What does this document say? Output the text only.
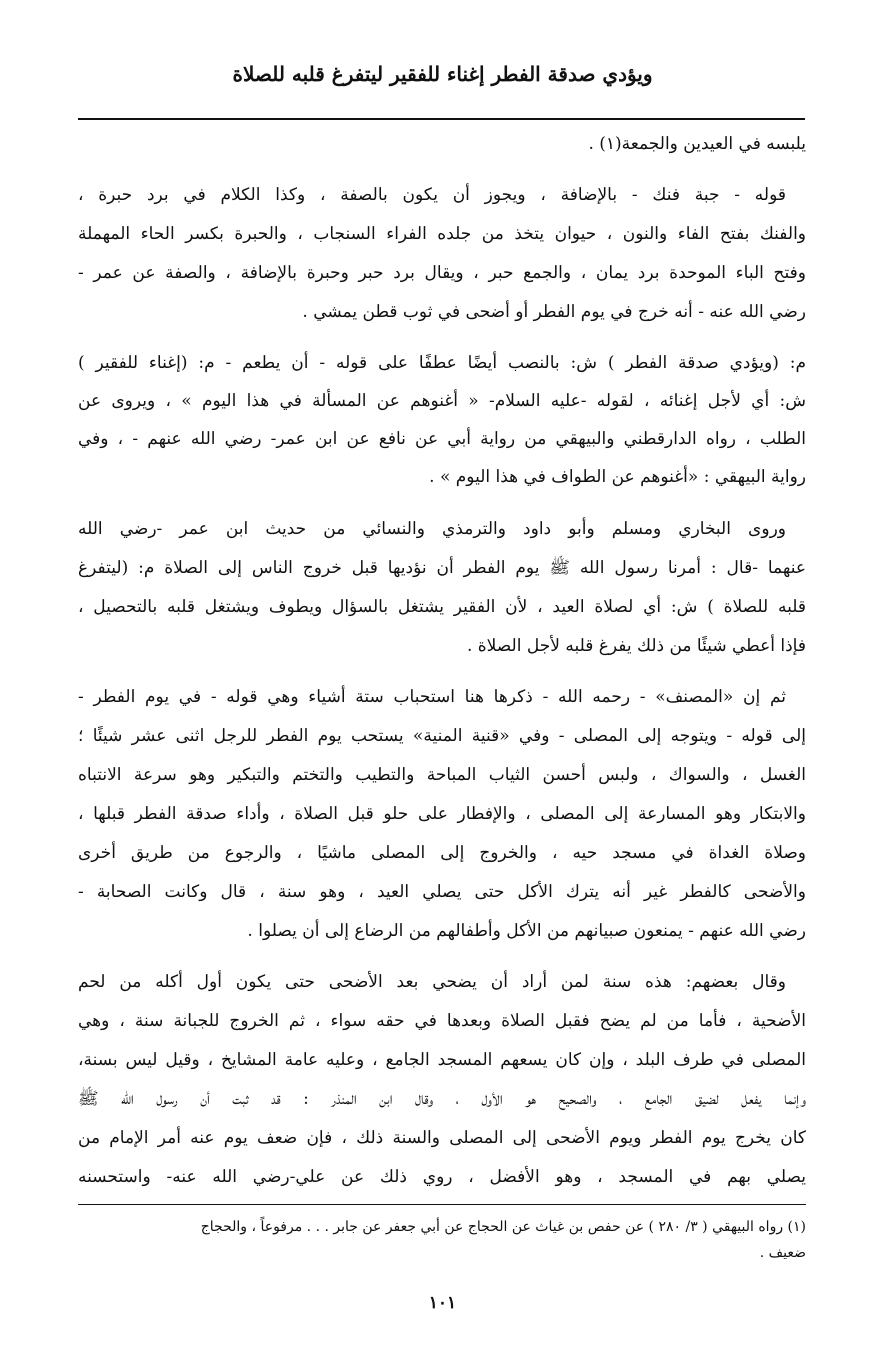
ويؤدي صدقة الفطر إغناء للفقير ليتفرغ قلبه للصلاة
يلبسه في العيدين والجمعة(١) .
قوله - جبة فنك - بالإضافة ، ويجوز أن يكون بالصفة ، وكذا الكلام في برد حبرة ،
والفنك بفتح الفاء والنون ، حيوان يتخذ من جلده الفراء السنجاب ، والحبرة بكسر الحاء المهملة
وفتح الباء الموحدة برد يمان ، والجمع حبر ، ويقال برد حبر وحبرة بالإضافة ، والصفة عن عمر -
رضي الله عنه - أنه خرج في يوم الفطر أو أضحى في ثوب قطن يمشي .
م: (ويؤدي صدقة الفطر ) ش: بالنصب أيضًا عطفًا على قوله - أن يطعم - م: (إغناء للفقير )
ش: أي لأجل إغنائه ، لقوله -عليه السلام- « أغنوهم عن المسألة في هذا اليوم » ، ويروى عن
الطلب ، رواه الدارقطني والبيهقي من رواية أبي عن نافع عن ابن عمر- رضي الله عنهم - ، وفي
رواية البيهقي : «أغنوهم عن الطواف في هذا اليوم » .
وروى البخاري ومسلم وأبو داود والترمذي والنسائي من حديث ابن عمر -رضي الله
عنهما -قال : أمرنا رسول الله ﷺ يوم الفطر أن نؤديها قبل خروج الناس إلى الصلاة م: (ليتفرغ
قلبه للصلاة ) ش: أي لصلاة العيد ، لأن الفقير يشتغل بالسؤال ويطوف ويشتغل قلبه بالتحصيل ،
فإذا أعطي شيئًا من ذلك يفرغ قلبه لأجل الصلاة .
ثم إن «المصنف» - رحمه الله - ذكرها هنا استحباب ستة أشياء وهي قوله - في يوم الفطر -
إلى قوله - ويتوجه إلى المصلى - وفي «قنية المنية» يستحب يوم الفطر للرجل اثنى عشر شيئًا ؛
الغسل ، والسواك ، ولبس أحسن الثياب المباحة والتطيب والتختم والتبكير وهو سرعة الانتباه
والابتكار وهو المسارعة إلى المصلى ، والإفطار على حلو قبل الصلاة ، وأداء صدقة الفطر قبلها ،
وصلاة الغداة في مسجد حيه ، والخروج إلى المصلى ماشيًا ، والرجوع من طريق أخرى
والأضحى كالفطر غير أنه يترك الأكل حتى يصلي العيد ، وهو سنة ، قال وكانت الصحابة -
رضي الله عنهم - يمنعون صبيانهم من الأكل وأطفالهم من الرضاع إلى أن يصلوا .
وقال بعضهم: هذه سنة لمن أراد أن يضحي بعد الأضحى حتى يكون أول أكله من لحم
الأضحية ، فأما من لم يضح فقبل الصلاة وبعدها في حقه سواء ، ثم الخروج للجبانة سنة ، وهي
المصلى في طرف البلد ، وإن كان يسعهم المسجد الجامع ، وعليه عامة المشايخ ، وقيل ليس بسنة،
وإنما يفعل لضيق الجامع ، والصحيح هو الأول ، وقال ابن المنذر : قد ثبت أن رسول الله ﷺ
كان يخرج يوم الفطر ويوم الأضحى إلى المصلى والسنة ذلك ، فإن ضعف يوم عنه أمر الإمام من
يصلي بهم في المسجد ، وهو الأفضل ، روي ذلك عن علي-رضي الله عنه- واستحسنه
(١) رواه البيهقي ( ٣/ ٢٨٠ ) عن حفص بن غياث عن الحجاج عن أبي جعفر عن جابر . . . مرفوعاً ، والحجاج
ضعيف .
١٠١
